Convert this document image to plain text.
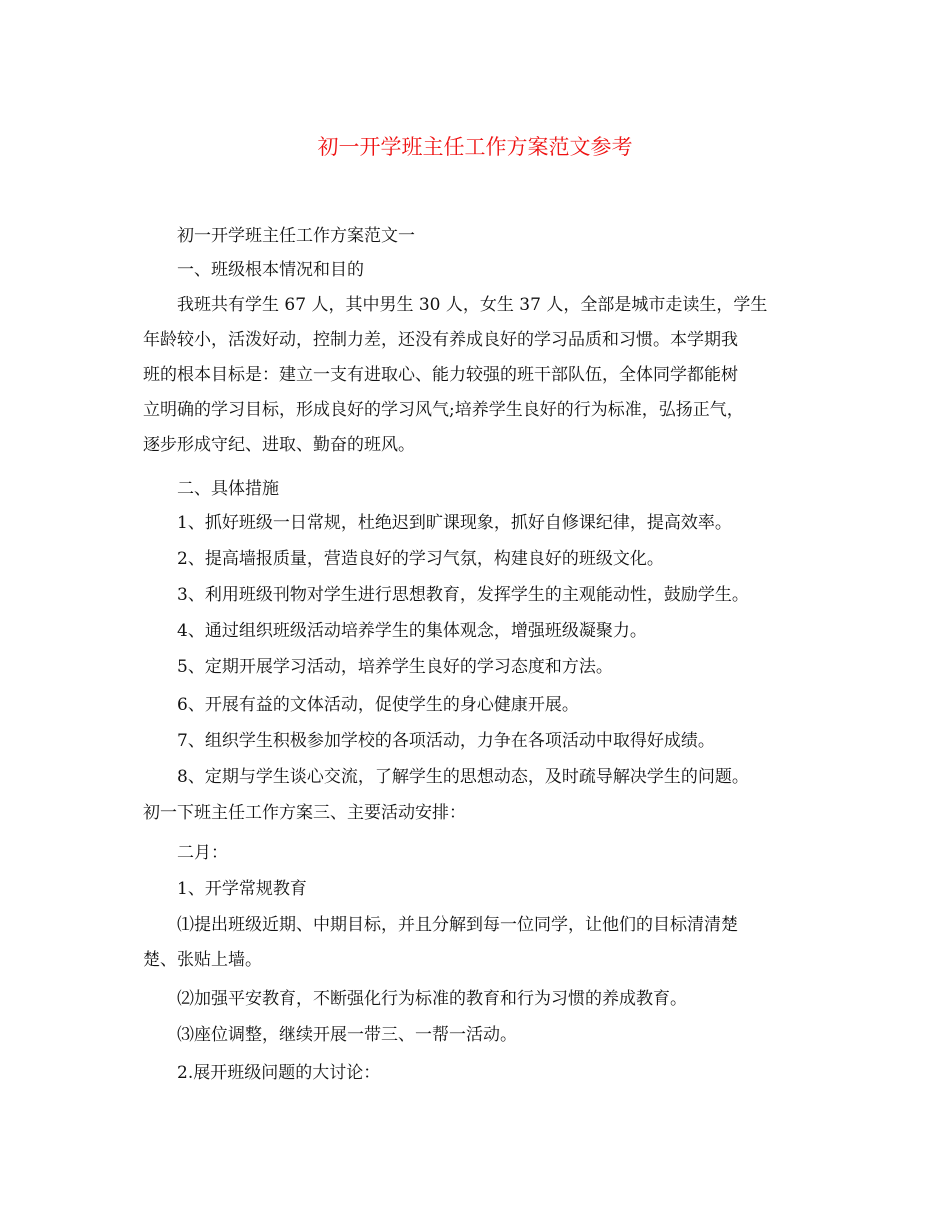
初一开学班主任工作方案范文参考
初一开学班主任工作方案范文一
一、班级根本情况和目的
我班共有学生 67 人，其中男生 30 人，女生 37 人，全部是城市走读生，学生
年龄较小，活泼好动，控制力差，还没有养成良好的学习品质和习惯。本学期我
班的根本目标是：建立一支有进取心、能力较强的班干部队伍，全体同学都能树
立明确的学习目标，形成良好的学习风气;培养学生良好的行为标准，弘扬正气，
逐步形成守纪、进取、勤奋的班风。
二、具体措施
1、抓好班级一日常规，杜绝迟到旷课现象，抓好自修课纪律，提高效率。
2、提高墙报质量，营造良好的学习气氛，构建良好的班级文化。
3、利用班级刊物对学生进行思想教育，发挥学生的主观能动性，鼓励学生。
4、通过组织班级活动培养学生的集体观念，增强班级凝聚力。
5、定期开展学习活动，培养学生良好的学习态度和方法。
6、开展有益的文体活动，促使学生的身心健康开展。
7、组织学生积极参加学校的各项活动，力争在各项活动中取得好成绩。
8、定期与学生谈心交流，了解学生的思想动态，及时疏导解决学生的问题。
初一下班主任工作方案三、主要活动安排：
二月：
1、开学常规教育
⑴提出班级近期、中期目标，并且分解到每一位同学，让他们的目标清清楚
楚、张贴上墙。
⑵加强平安教育，不断强化行为标准的教育和行为习惯的养成教育。
⑶座位调整，继续开展一带三、一帮一活动。
2.展开班级问题的大讨论：
